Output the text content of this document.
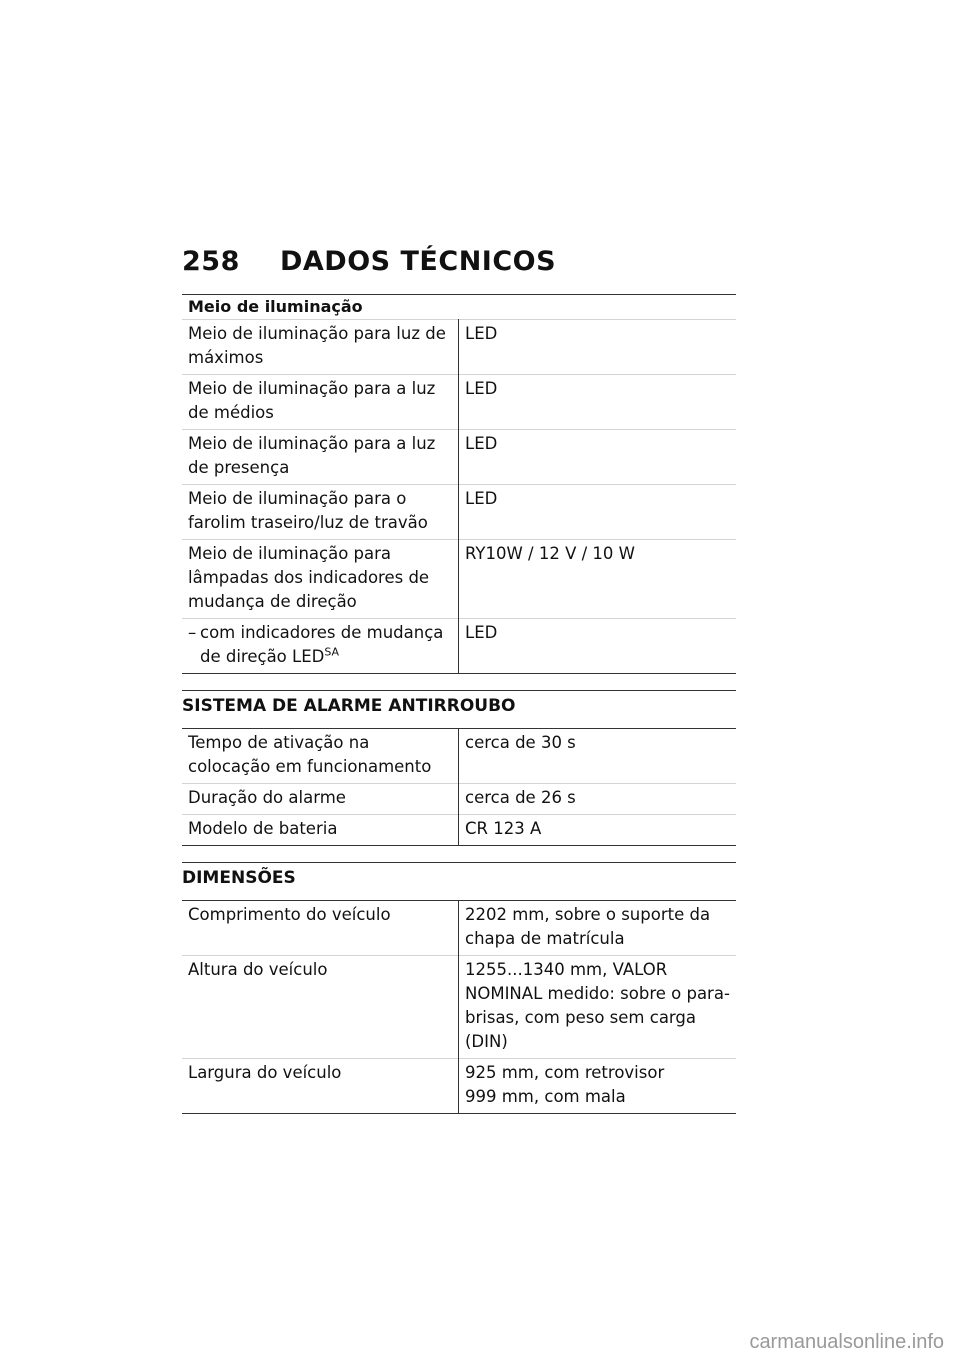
258 DADOS TÉCNICOS
Meio de iluminação
Meio de iluminação para luz de máximos	LED
Meio de iluminação para a luz de médios	LED
Meio de iluminação para a luz de presença	LED
Meio de iluminação para o farolim traseiro/luz de travão	LED
Meio de iluminação para lâmpadas dos indicadores de mudança de direção	RY10W / 12 V / 10 W
– com indicadores de mudança
de direção $LED^{SA}$	LED
SISTEMA DE ALARME ANTIRROUBO
Tempo de ativação na colocação em funcionamento	cerca de 30 s
Duração do alarme	cerca de 26 s
Modelo de bateria	CR 123 A
DIMENSÕES
Comprimento do veículo	2202 mm, sobre o suporte da chapa de matrícula
Altura do veículo	1255...1340 mm, VALOR NOMINAL medido: sobre o para-brisas, com peso sem carga (DIN)
Largura do veículo	925 mm, com retrovisor
999 mm, com mala
carmanualsonline.info
